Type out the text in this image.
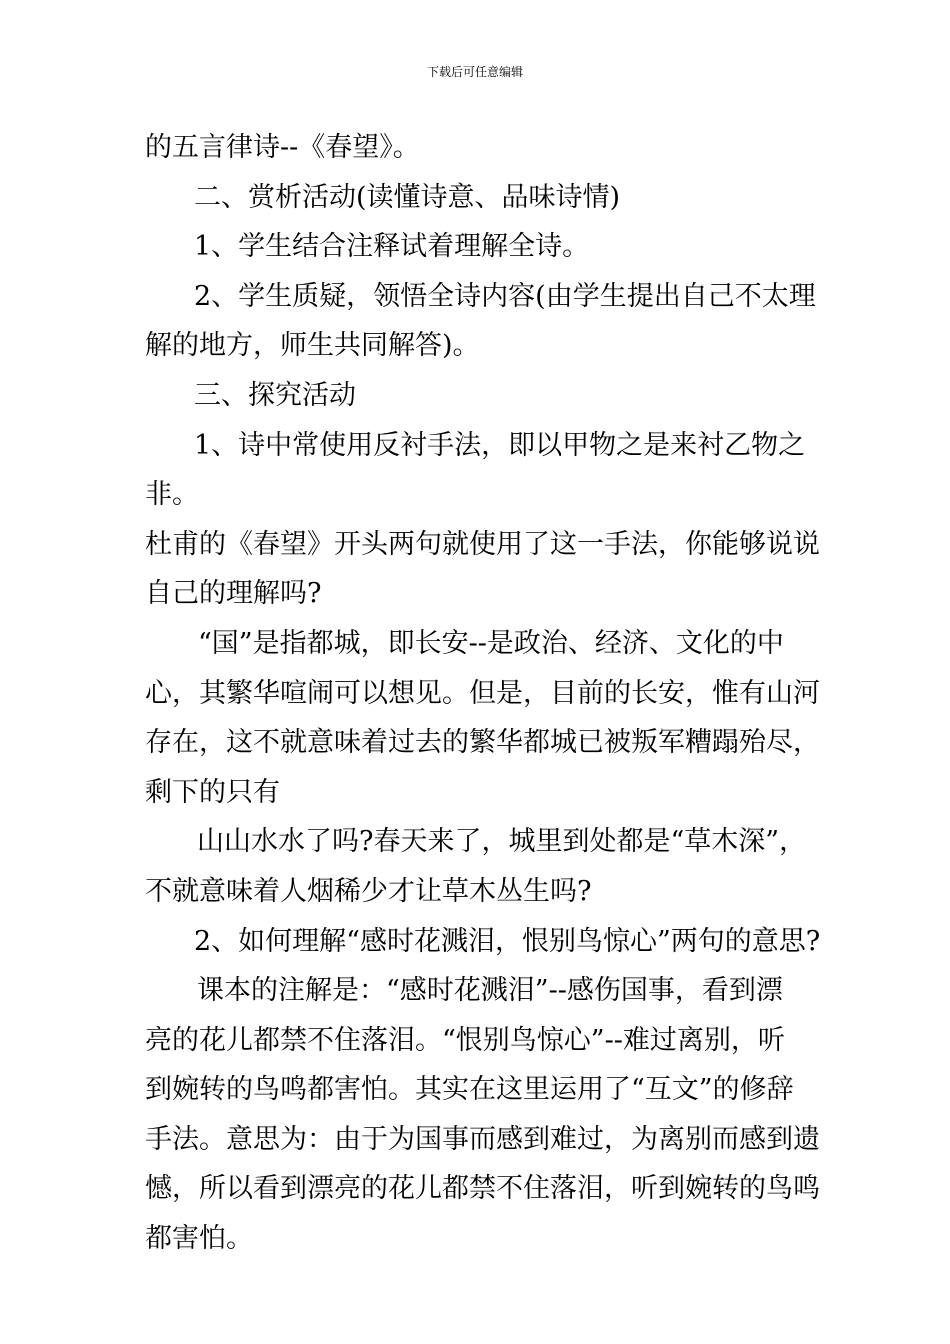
下载后可任意编辑

的五言律诗--《春望》。

二、赏析活动(读懂诗意、品味诗情)

1、学生结合注释试着理解全诗。

2、学生质疑，领悟全诗内容(由学生提出自己不太理

解的地方，师生共同解答)。

三、探究活动

1、诗中常使用反衬手法，即以甲物之是来衬乙物之非。

杜甫的《春望》开头两句就使用了这一手法，你能够说说

自己的理解吗?

“国”是指都城，即长安--是政治、经济、文化的中

心，其繁华喧闹可以想见。但是，目前的长安，惟有山河

存在，这不就意味着过去的繁华都城已被叛军糟蹋殆尽，

剩下的只有

山山水水了吗?春天来了，城里到处都是“草木深”，

不就意味着人烟稀少才让草木丛生吗?

2、如何理解“感时花溅泪，恨别鸟惊心”两句的意思?

课本的注解是：“感时花溅泪”--感伤国事，看到漂

亮的花儿都禁不住落泪。“恨别鸟惊心”--难过离别，听

到婉转的鸟鸣都害怕。其实在这里运用了“互文”的修辞

手法。意思为：由于为国事而感到难过，为离别而感到遗

憾，所以看到漂亮的花儿都禁不住落泪，听到婉转的鸟鸣

都害怕。
